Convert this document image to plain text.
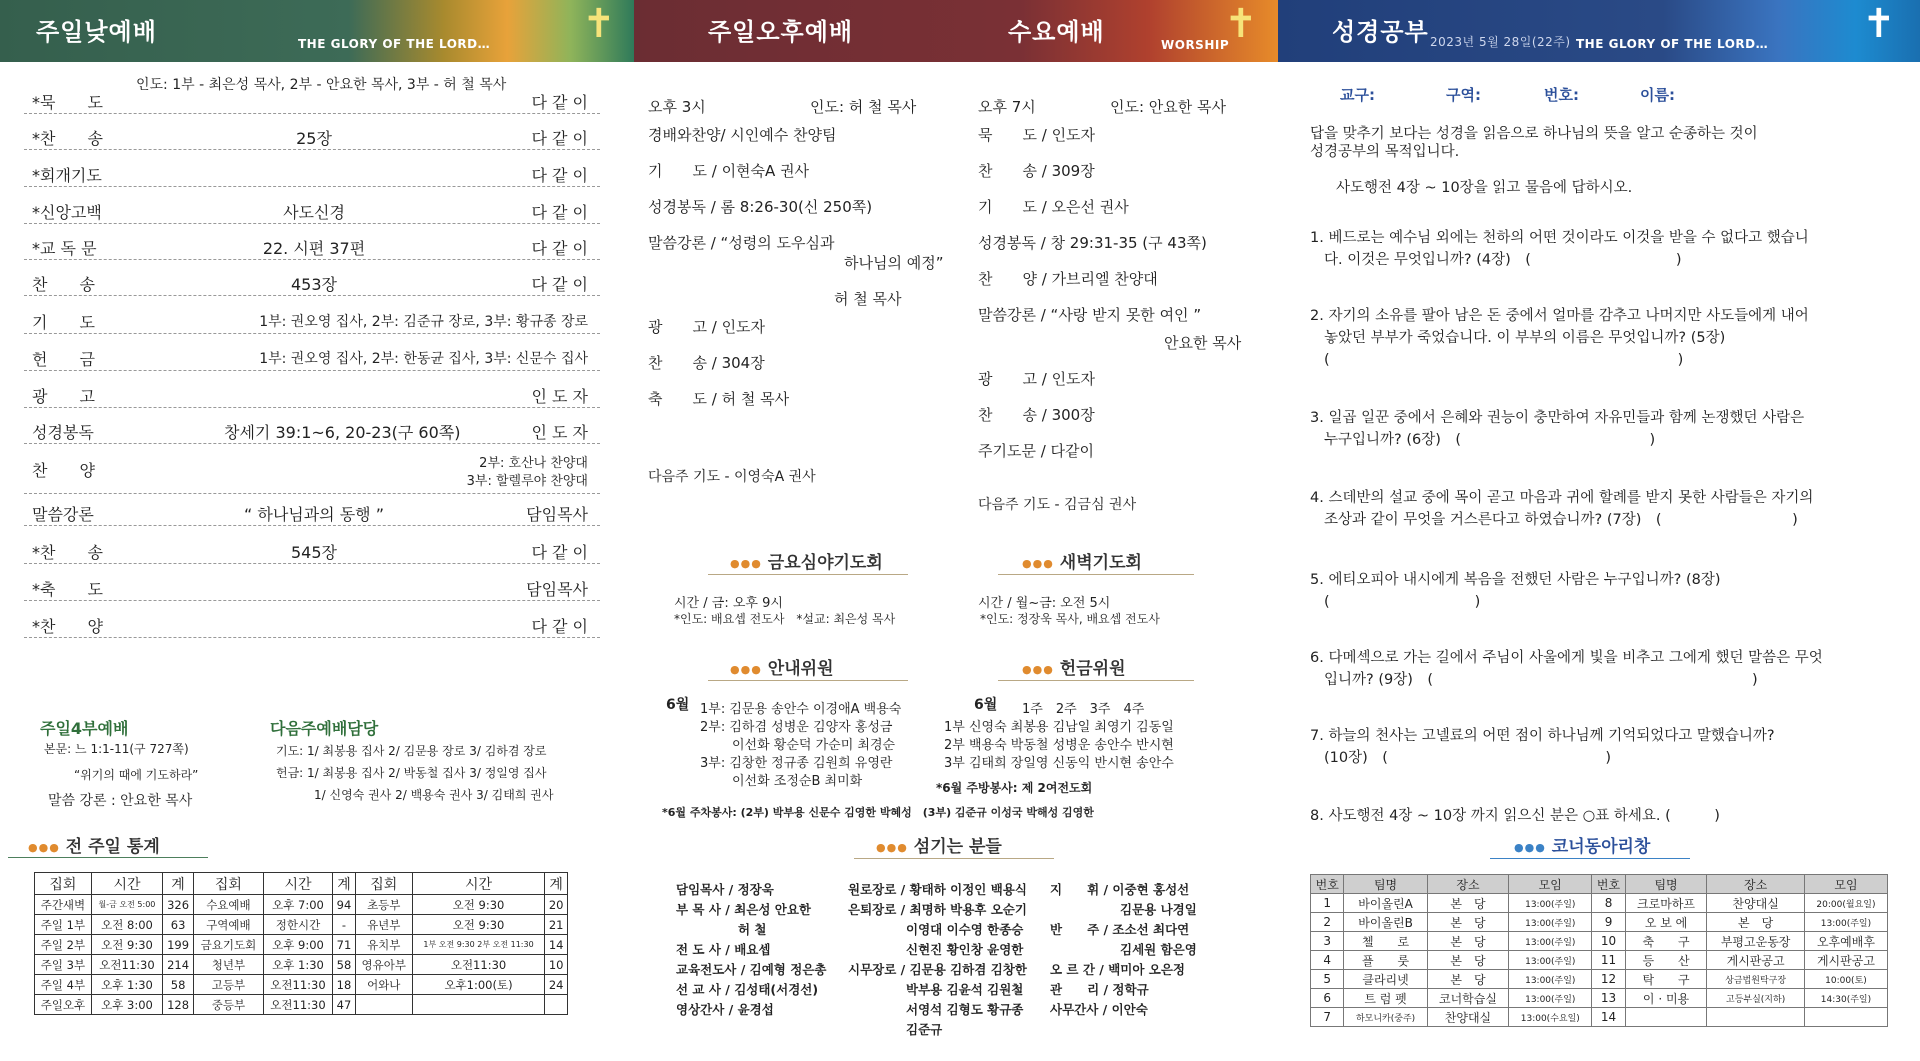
주일낮예배	THE GLORY OF THE LORD… ✝	주일오후예배	수요예배	WORSHIP
✝	성경공부 2023년 5월 28일(22주) THE GLORY OF THE LORD… ✝
인도: 1부 - 최은성 목사, 2부 - 안요한 목사, 3부 - 허 철 목사
*묵　　도	다 같 이
*찬　　송	25장	다 같 이
*회개기도	다 같 이
*신앙고백	사도신경	다 같 이
*교 독 문	22. 시편 37편	다 같 이
찬　　송	453장	다 같 이
기　　도	1부: 권오영 집사, 2부: 김준규 장로, 3부: 황규종 장로
헌　　금	1부: 권오영 집사, 2부: 한동균 집사, 3부: 신문수 집사
광　　고	인 도 자
성경봉독	창세기 39:1~6, 20-23(구 60쪽)	인 도 자
찬　　양	2부: 호산나 찬양대
3부: 할렐루야 찬양대
말씀강론	“ 하나님과의 동행 ”	담임목사
*찬　　송	545장	다 같 이
*축　　도	담임목사
*찬　　양	다 같 이
주일4부예배
본문: 느 1:1-11(구 727쪽)
“위기의 때에 기도하라”
말씀 강론 : 안요한 목사
다음주예배담당
기도: 1/ 최봉용 집사 2/ 김문용 장로 3/ 김하겸 장로
헌금: 1/ 최봉용 집사 2/ 박동철 집사 3/ 정일영 집사
1/ 신영숙 권사 2/ 백용숙 권사 3/ 김태희 권사
●●● 전 주일 통계
집회	시간	계	집회	시간	계	집회	시간	계
주간새벽	월-금 오전 5:00	326	수요예배	오후 7:00	94	초등부	오전 9:30	20
주일 1부	오전 8:00	63	구역예배	정한시간	-	유년부	오전 9:30	21
주일 2부	오전 9:30	199	금요기도회	오후 9:00	71	유치부	1부 오전 9:30 2부 오전 11:30	14
주일 3부	오전11:30	214	청년부	오후 1:30	58	영유아부	오전11:30	10
주일 4부	오후 1:30	58	고등부	오전11:30	18	어와나	오후1:00(토)	24
주일오후	오후 3:00	128	중등부	오전11:30	47			
오후 3시	인도: 허 철 목사
경배와찬양/ 시인예수 찬양팀
기　　도 / 이현숙A 권사
성경봉독 / 롬 8:26-30(신 250쪽)
말씀강론 / “성령의 도우심과
하나님의 예정”
허 철 목사
광　　고 / 인도자
찬　　송 / 304장
축　　도 / 허 철 목사
다음주 기도 - 이영숙A 권사
오후 7시	인도: 안요한 목사
묵　　도 / 인도자
찬　　송 / 309장
기　　도 / 오은선 권사
성경봉독 / 창 29:31-35 (구 43쪽)
찬　　양 / 가브리엘 찬양대
말씀강론 / “사랑 받지 못한 여인 ”
안요한 목사
광　　고 / 인도자
찬　　송 / 300장
주기도문 / 다같이
다음주 기도 - 김금심 권사
●●● 금요심야기도회
시간 / 금: 오후 9시
*인도: 배요셉 전도사　*설교: 최은성 목사
●●● 새벽기도회
시간 / 월~금: 오전 5시
*인도: 정장욱 목사, 배요셉 전도사
●●● 안내위원
6월 1부: 김문용 송안수 이경애A 백용숙
2부: 김하겸 성병운 김양자 홍성금
이선화 황순덕 가순미 최경순
3부: 김창한 정규종 김원희 유영란
이선화 조정순B 최미화
●●● 헌금위원
6월 1주　2주　3주　4주
1부 신영숙 최봉용 김남일 최영기 김동일
2부 백용숙 박동철 성병운 송안수 반시현
3부 김태희 장일영 신동익 반시현 송안수
*6월 주방봉사: 제 2여전도회
*6월 주차봉사: (2부) 박부용 신문수 김영한 박혜성　(3부) 김준규 이성국 박해성 김영한
●●● 섬기는 분들
담임목사 / 정장욱
부 목 사 / 최은성 안요한
허 철
전 도 사 / 배요셉
교육전도사 / 김예형 정은총
선 교 사 / 김성태(서경선)
영상간사 / 윤경섭
원로장로 / 황태하 이정인 백용식
은퇴장로 / 최명하 박용후 오순기
이영대 이수영 한종승
신현진 황인창 윤영한
시무장로 / 김문용 김하겸 김창한
박부용 김윤석 김원철
서영석 김형도 황규종
김준규
지　　휘 / 이중현 홍성선
김문용 나경일
반　　주 / 조소선 최다연
김세원 함은영
오 르 간 / 백미아 오은정
관　　리 / 정학규
사무간사 / 이안숙
교구:	구역:	번호:	이름:
답을 맞추기 보다는 성경을 읽음으로 하나님의 뜻을 알고 순종하는 것이
성경공부의 목적입니다.
사도행전 4장 ~ 10장을 읽고 물음에 답하시오.
1. 베드로는 예수님 외에는 천하의 어떤 것이라도 이것을 받을 수 없다고 했습니
다. 이것은 무엇입니까? (4장)　(　　　　　　　　　　)
2. 자기의 소유를 팔아 남은 돈 중에서 얼마를 감추고 나머지만 사도들에게 내어
놓았던 부부가 죽었습니다. 이 부부의 이름은 무엇입니까? (5장)
(　　　　　　　　　　　　　　　　　　　　　　　　)
3. 일곱 일꾼 중에서 은혜와 권능이 충만하여 자유민들과 함께 논쟁했던 사람은
누구입니까? (6장)　(　　　　　　　　　　　　　)
4. 스데반의 설교 중에 목이 곧고 마음과 귀에 할례를 받지 못한 사람들은 자기의
조상과 같이 무엇을 거스른다고 하였습니까? (7장)　(　　　　　　　　　)
5. 에티오피아 내시에게 복음을 전했던 사람은 누구입니까? (8장)
(　　　　　　　　　　)
6. 다메섹으로 가는 길에서 주님이 사울에게 빛을 비추고 그에게 했던 말씀은 무엇
입니까? (9장)　(　　　　　　　　　　　　　　　　　　　　　　)
7. 하늘의 천사는 고넬료의 어떤 점이 하나님께 기억되었다고 말했습니까?
(10장)　(　　　　　　　　　　　　　　　)
8. 사도행전 4장 ~ 10장 까지 읽으신 분은 ○표 하세요. (　　　)
●●● 코너동아리창
번호	팀명	장소	모임	번호	팀명	장소	모임
1	바이올린A	본　당	13:00(주일)	8	크로마하프	찬양대실	20:00(월요일)
2	바이올린B	본　당	13:00(주일)	9	오 보 에	본　당	13:00(주일)
3	첼　　로	본　당	13:00(주일)	10	축　　구	부평고운동장	오후예배후
4	플　　룻	본　당	13:00(주일)	11	등　　산	게시판공고	게시판공고
5	클라리넷	본　당	13:00(주일)	12	탁　　구	상금법원탁구장	10:00(토)
6	트 럼 펫	코너학습실	13:00(주일)	13	이 · 미용	고등부실(지하)	14:30(주일)
7	하모니카(중주)	찬양대실	13:00(수요일)	14			
